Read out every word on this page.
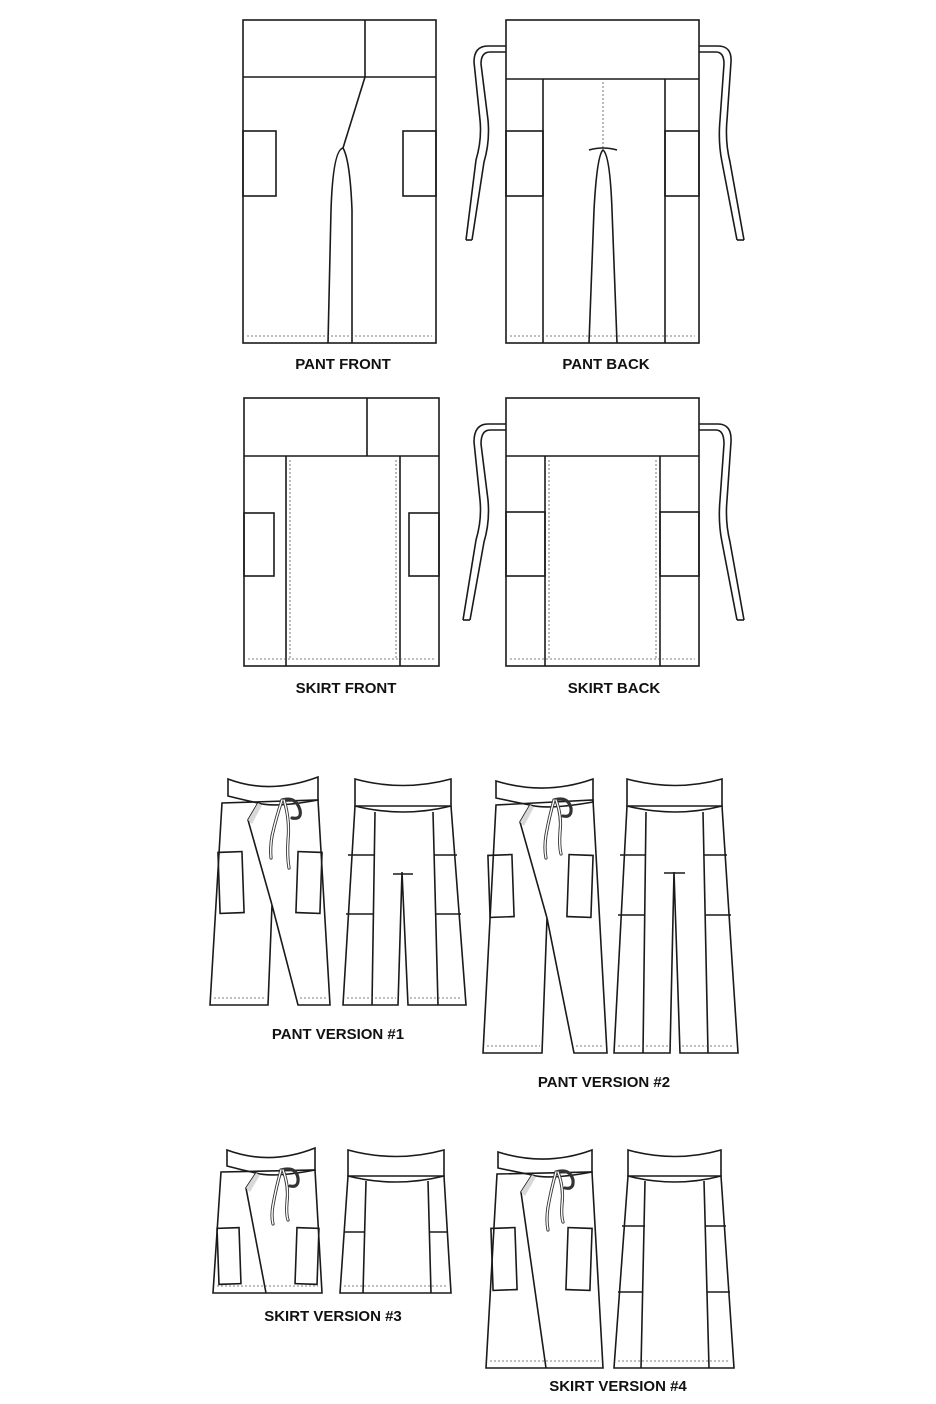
PANT FRONT	PANT BACK
SKIRT FRONT	SKIRT BACK
PANT VERSION #1
PANT VERSION #2
SKIRT VERSION #3
SKIRT VERSION #4
